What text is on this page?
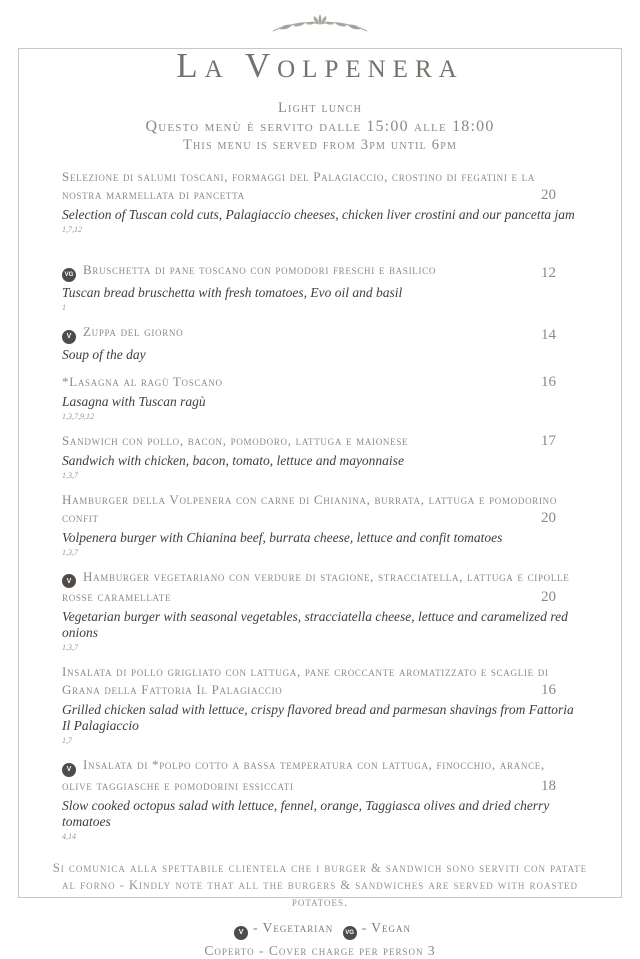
La Volpenera
Light lunch
Questo menù è servito dalle 15:00 alle 18:00
This menu is served from 3pm until 6pm
Selezione di salumi toscani, formaggi del Palagiaccio, crostino di fegatini e la nostra marmellata di pancetta	20
Selection of Tuscan cold cuts, Palagiaccio cheeses, chicken liver crostini and our pancetta jam
1,7,12
VG Bruschetta di pane toscano con pomodori freschi e basilico	12
Tuscan bread bruschetta with fresh tomatoes, Evo oil and basil
1
V Zuppa del giorno	14
Soup of the day
*Lasagna al ragù Toscano	16
Lasagna with Tuscan ragù
1,3,7,9,12
Sandwich con pollo, bacon, pomodoro, lattuga e maionese	17
Sandwich with chicken, bacon, tomato, lettuce and mayonnaise
1,3,7
Hamburger della Volpenera con carne di Chianina, burrata, lattuga e pomodorino confit	20
Volpenera burger with Chianina beef, burrata cheese, lettuce and confit tomatoes
1,3,7
V Hamburger vegetariano con verdure di stagione, stracciatella, lattuga e cipolle rosse caramellate	20
Vegetarian burger with seasonal vegetables, stracciatella cheese, lettuce and caramelized red onions
1,3,7
Insalata di pollo grigliato con lattuga, pane croccante aromatizzato e scaglie di Grana della Fattoria Il Palagiaccio	16
Grilled chicken salad with lettuce, crispy flavored bread and parmesan shavings from Fattoria Il Palagiaccio
1,7
V Insalata di *polpo cotto a bassa temperatura con lattuga, finocchio, arance, olive taggiasche e pomodorini essiccati	18
Slow cooked octopus salad with lettuce, fennel, orange, Taggiasca olives and dried cherry tomatoes
4,14
Si comunica alla spettabile clientela che i burger & sandwich sono serviti con patate al forno - Kindly note that all the burgers & sandwiches are served with roasted potatoes.
V - Vegetarian VG - Vegan
Coperto - Cover charge per person 3
